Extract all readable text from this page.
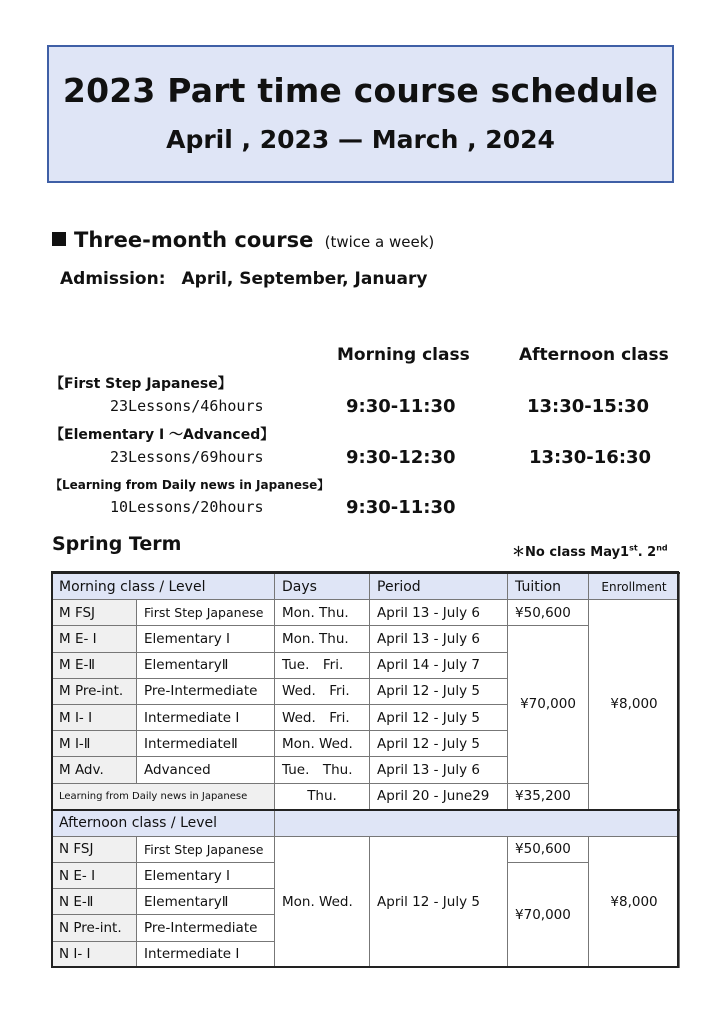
2023 Part time course schedule
April , 2023 — March , 2024
Three-month course (twice a week)
Admission: April, September, January
Morning class	Afternoon class
【First Step Japanese】
23Lessons/46hours	9:30-11:30	13:30-15:30
【Elementary I 〜Advanced】
23Lessons/69hours	9:30-12:30	13:30-16:30
【Learning from Daily news in Japanese】
10Lessons/20hours	9:30-11:30
Spring Term	＊No class May1st. 2nd
Morning class / Level		Days	Period	Tuition	Enrollment
M FSJ	First Step Japanese	Mon. Thu.	April 13 - July 6	¥50,600	¥8,000
M E- I	Elementary I	Mon. Thu.	April 13 - July 6	¥70,000	
M E-Ⅱ	ElementaryⅡ	Tue. Fri.	April 14 - July 7		
M Pre-int.	Pre-Intermediate	Wed. Fri.	April 12 - July 5		
M I- I	Intermediate I	Wed. Fri.	April 12 - July 5		
M I-Ⅱ	IntermediateⅡ	Mon. Wed.	April 12 - July 5		
M Adv.	Advanced	Tue. Thu.	April 13 - July 6		
Learning from Daily news in Japanese		Thu.	April 20 - June29	¥35,200	
Afternoon class / Level					
N FSJ	First Step Japanese	Mon. Wed.	April 12 - July 5	¥50,600	¥8,000
N E- I	Elementary I			¥70,000	
N E-Ⅱ	ElementaryⅡ				
N Pre-int.	Pre-Intermediate				
N I- I	Intermediate I				
